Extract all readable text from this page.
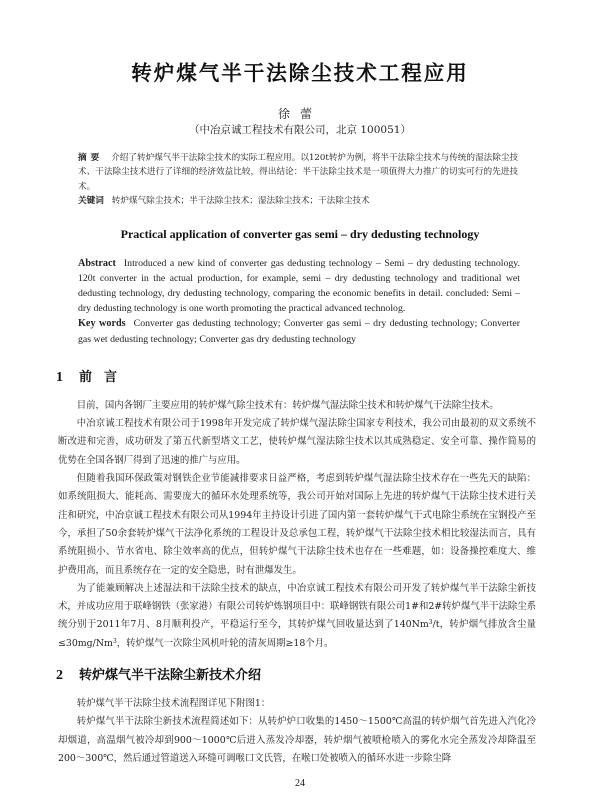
转炉煤气半干法除尘技术工程应用
徐蕾
（中冶京诚工程技术有限公司，北京 100051）

摘要 介绍了转炉煤气半干法除尘技术的实际工程应用。以120t转炉为例，将半干法除尘技术与传统的湿法除尘技术、干法除尘技术进行了详细的经济效益比较，得出结论：半干法除尘技术是一项值得大力推广的切实可行的先进技术。

关键词 转炉煤气除尘技术；半干法除尘技术；湿法除尘技术；干法除尘技术

Practical application of converter gas semi – dry dedusting technology

Abstract Introduced a new kind of converter gas dedusting technology – Semi – dry dedusting technology. 120t converter in the actual production, for example, semi – dry dedusting technology and traditional wet dedusting technology, dry dedusting technology, comparing the economic benefits in detail. concluded: Semi – dry dedusting technology is one worth promoting the practical advanced technolog.

Key words Converter gas dedusting technology; Converter gas semi – dry dedusting technology; Converter gas wet dedusting technology; Converter gas dry dedusting technology

1 前言

目前，国内各钢厂主要应用的转炉煤气除尘技术有：转炉煤气湿法除尘技术和转炉煤气干法除尘技术。

中冶京诚工程技术有限公司于1998年开发完成了转炉煤气湿法除尘国家专利技术，我公司由最初的双文系统不断改进和完善，成功研发了第五代新型塔文工艺，使转炉煤气湿法除尘技术以其成熟稳定、安全可靠、操作简易的优势在全国各钢厂得到了迅速的推广与应用。

但随着我国环保政策对钢铁企业节能减排要求日益严格，考虑到转炉煤气湿法除尘技术存在一些先天的缺陷：如系统阻损大、能耗高、需要庞大的循环水处理系统等，我公司开始对国际上先进的转炉煤气干法除尘技术进行关注和研究，中冶京诚工程技术有限公司从1994年主持设计引进了国内第一套转炉煤气干式电除尘系统在宝钢投产至今，承担了50余套转炉煤气干法净化系统的工程设计及总承包工程，转炉煤气干法除尘技术相比较湿法而言，具有系统阻损小、节水省电、除尘效率高的优点，但转炉煤气干法除尘技术也存在一些难题，如：设备操控难度大、维护费用高，而且系统存在一定的安全隐患，时有泄爆发生。

为了能兼顾解决上述湿法和干法除尘技术的缺点，中冶京诚工程技术有限公司开发了转炉煤气半干法除尘新技术，并成功应用于联峰钢铁（张家港）有限公司转炉炼钢项目中：联峰钢铁有限公司1#和2#转炉煤气半干法除尘系统分别于2011年7月、8月顺利投产，平稳运行至今，其转炉煤气回收量达到了140Nm$^3$/t，转炉烟气排放含尘量$\le 30mg/Nm^3$，转炉煤气一次除尘风机叶轮的清灰周期≥18个月。

2 转炉煤气半干法除尘新技术介绍

转炉煤气半干法除尘技术流程图详见下附图1：

转炉煤气半干法除尘新技术流程简述如下：从转炉炉口收集的1450～1500℃高温的转炉烟气首先进入汽化冷却烟道，高温烟气被冷却到900～1000℃后进入蒸发冷却器，转炉烟气被喷枪喷入的雾化水完全蒸发冷却降温至200～300℃，然后通过管道送入环缝可调喉口文氏管，在喉口处被喷入的循环水进一步除尘降

24
